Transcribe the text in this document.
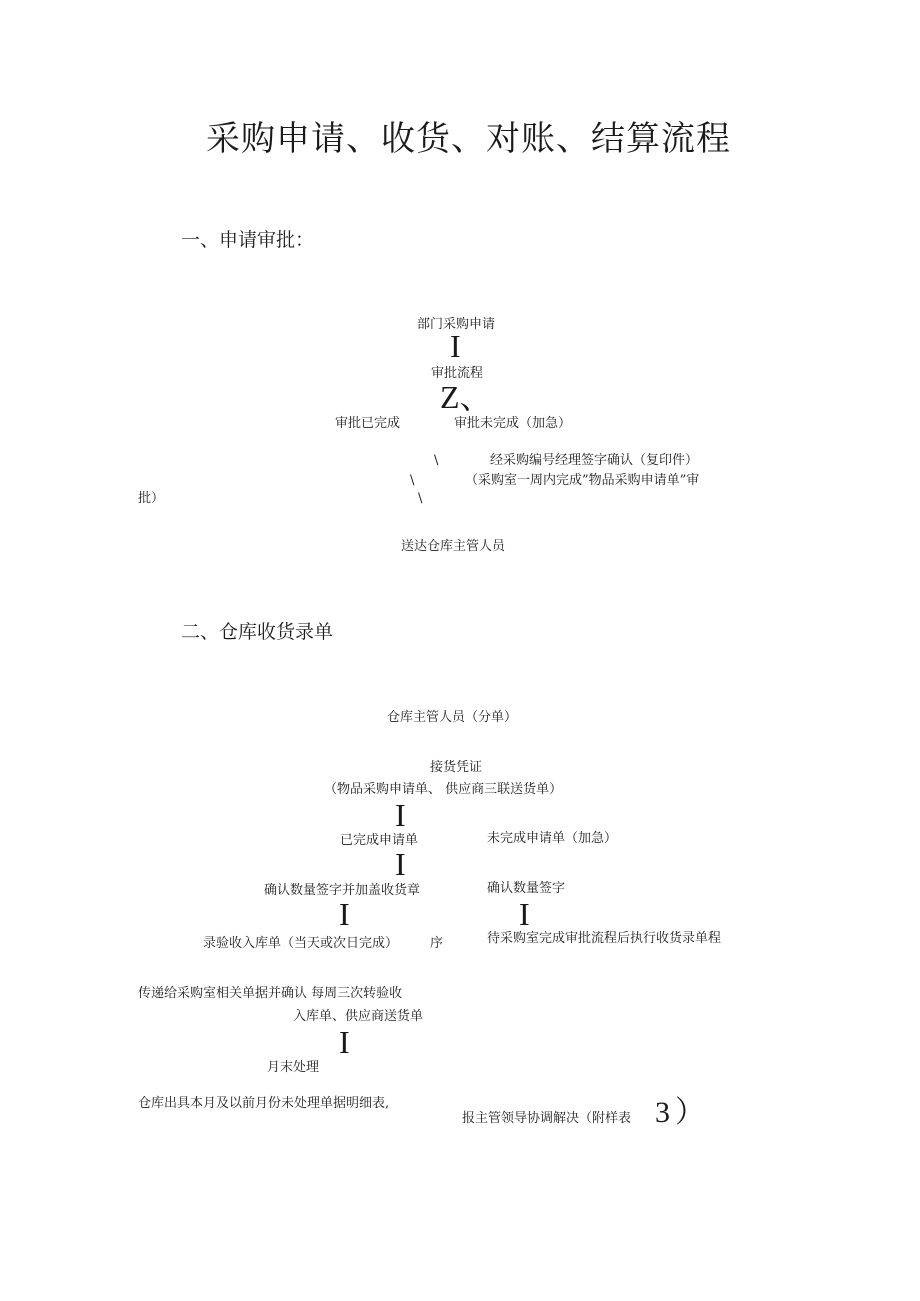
采购申请、收货、对账、结算流程
一、申请审批：
部门采购申请
I
审批流程
Z、
审批已完成	审批未完成（加急）
\	经采购编号经理签字确认（复印件）
\	（采购室一周内完成”物品采购申请单”审
批）	\
送达仓库主管人员
二、仓库收货录单
仓库主管人员（分单）
接货凭证
（物品采购申请单、 供应商三联送货单）
I
已完成申请单	未完成申请单（加急）
I
确认数量签字并加盖收货章	确认数量签字
I	I
录验收入库单（当天或次日完成） 序	待采购室完成审批流程后执行收货录单程
传递给采购室相关单据并确认 每周三次转验收
入库单、供应商送货单
I
月末处理
仓库出具本月及以前月份未处理单据明细表,
报主管领导协调解决（附样表 3 ）
